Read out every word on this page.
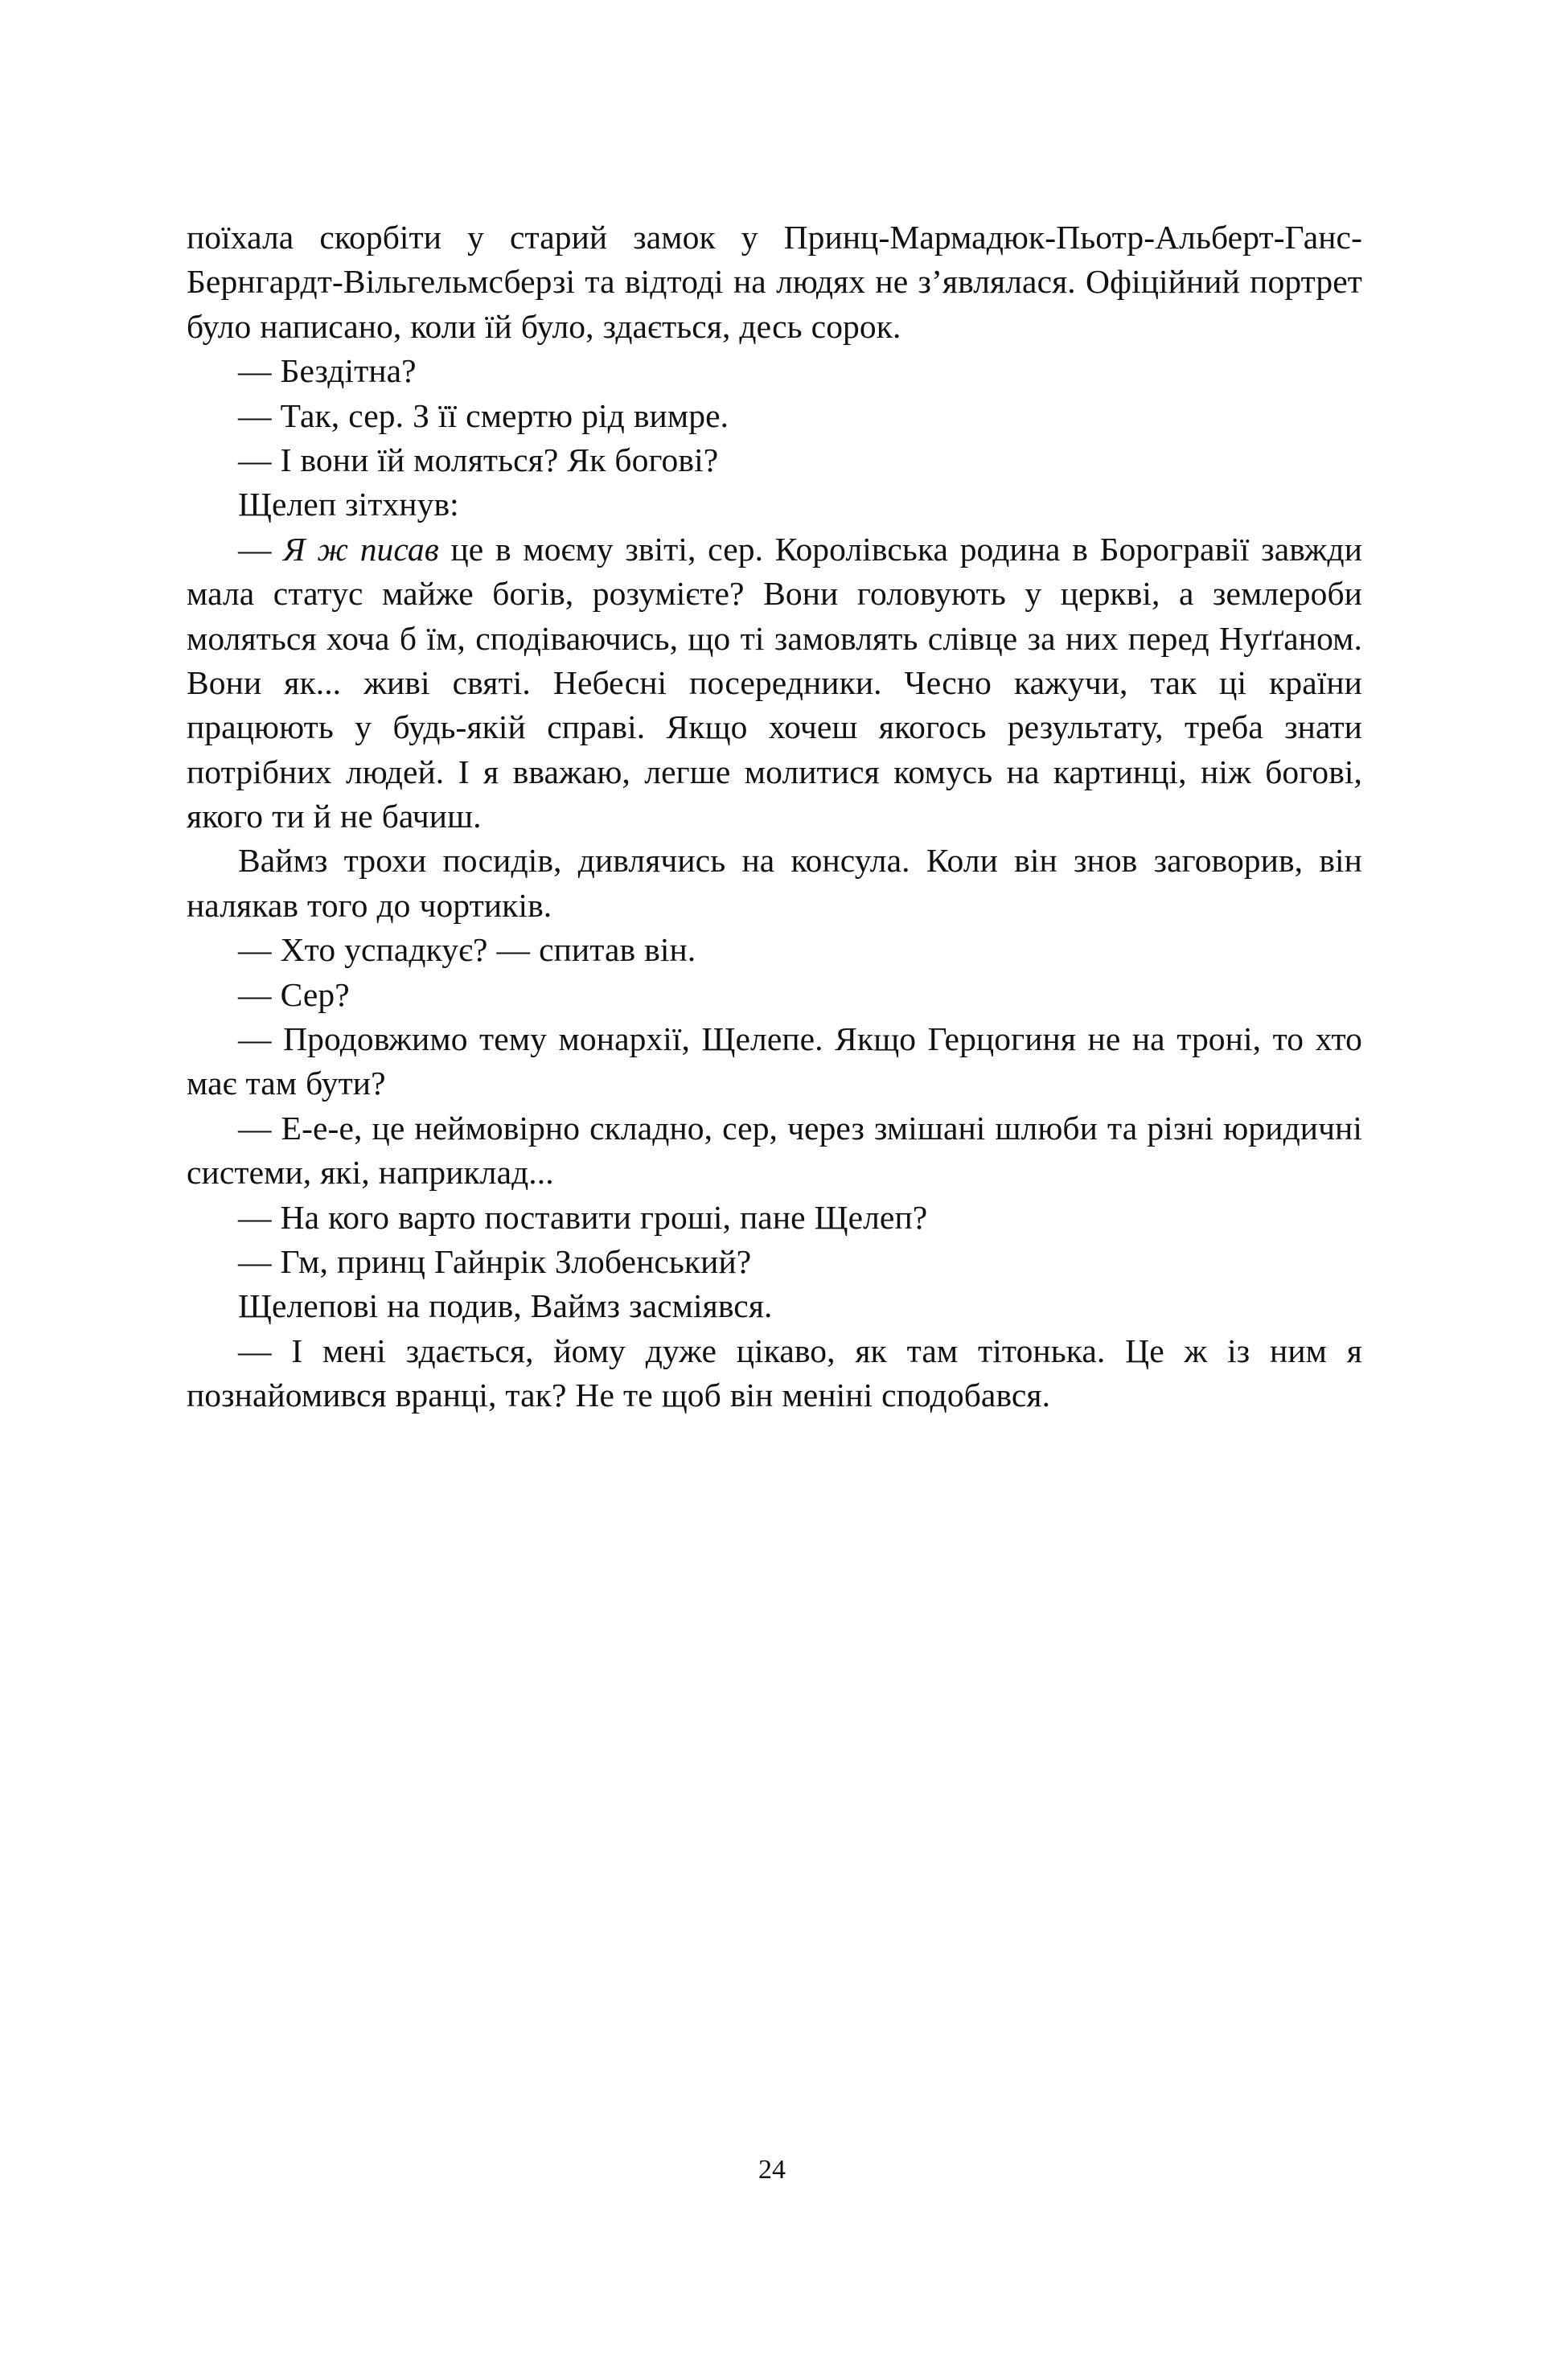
поїхала скорбіти у старий замок у Принц-Мармадюк-Пьотр-Альберт-Ганс-Бернгардт-Вільгельмсберзі та відтоді на людях не з’являлася. Офіційний портрет було написано, коли їй було, здається, десь сорок.

— Бездітна?

— Так, сер. З її смертю рід вимре.

— І вони їй моляться? Як богові?

Щелеп зітхнув:

— Я ж писав це в моєму звіті, сер. Королівська родина в Борогравії завжди мала статус майже богів, розумієте? Вони головують у церкві, а землероби моляться хоча б їм, сподіваючись, що ті замовлять слівце за них перед Нуґґаном. Вони як... живі святі. Небесні посередники. Чесно кажучи, так ці країни працюють у будь-якій справі. Якщо хочеш якогось результату, треба знати потрібних людей. І я вважаю, легше молитися комусь на картинці, ніж богові, якого ти й не бачиш.

Ваймз трохи посидів, дивлячись на консула. Коли він знов заговорив, він налякав того до чортиків.

— Хто успадкує? — спитав він.

— Сер?

— Продовжимо тему монархії, Щелепе. Якщо Герцогиня не на троні, то хто має там бути?

— Е-е-е, це неймовірно складно, сер, через змішані шлюби та різні юридичні системи, які, наприклад...

— На кого варто поставити гроші, пане Щелеп?

— Гм, принц Гайнрік Злобенський?

Щелепові на подив, Ваймз засміявся.

— І мені здається, йому дуже цікаво, як там тітонька. Це ж із ним я познайомився вранці, так? Не те щоб він меніні сподобався.

24
